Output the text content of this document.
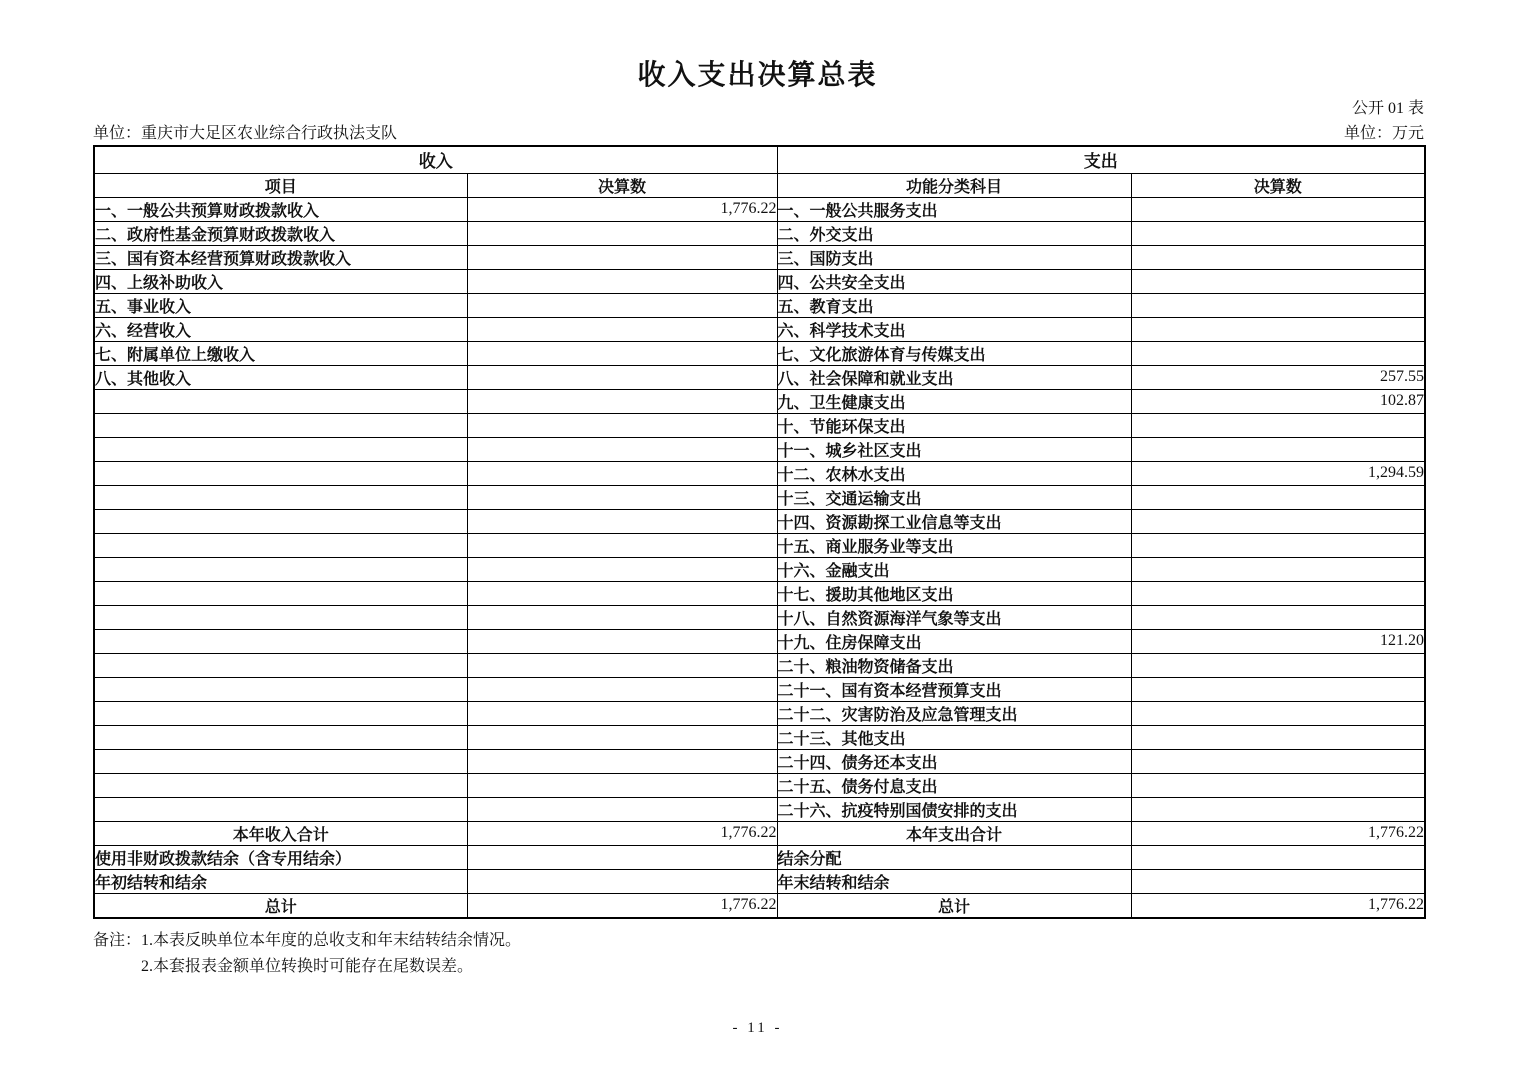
收入支出决算总表
公开 01 表
单位：重庆市大足区农业综合行政执法支队	单位：万元
收入		支出	
项目	决算数	功能分类科目	决算数
一、一般公共预算财政拨款收入	1,776.22	一、一般公共服务支出	
二、政府性基金预算财政拨款收入		二、外交支出	
三、国有资本经营预算财政拨款收入		三、国防支出	
四、上级补助收入		四、公共安全支出	
五、事业收入		五、教育支出	
六、经营收入		六、科学技术支出	
七、附属单位上缴收入		七、文化旅游体育与传媒支出	
八、其他收入		八、社会保障和就业支出	257.55
		九、卫生健康支出	102.87
		十、节能环保支出	
		十一、城乡社区支出	
		十二、农林水支出	1,294.59
		十三、交通运输支出	
		十四、资源勘探工业信息等支出	
		十五、商业服务业等支出	
		十六、金融支出	
		十七、援助其他地区支出	
		十八、自然资源海洋气象等支出	
		十九、住房保障支出	121.20
		二十、粮油物资储备支出	
		二十一、国有资本经营预算支出	
		二十二、灾害防治及应急管理支出	
		二十三、其他支出	
		二十四、债务还本支出	
		二十五、债务付息支出	
		二十六、抗疫特别国债安排的支出	
本年收入合计	1,776.22	本年支出合计	1,776.22
使用非财政拨款结余（含专用结余）		结余分配	
年初结转和结余		年末结转和结余	
总计	1,776.22	总计	1,776.22
备注： 1.本表反映单位本年度的总收支和年末结转结余情况。
2.本套报表金额单位转换时可能存在尾数误差。
- 11 -
